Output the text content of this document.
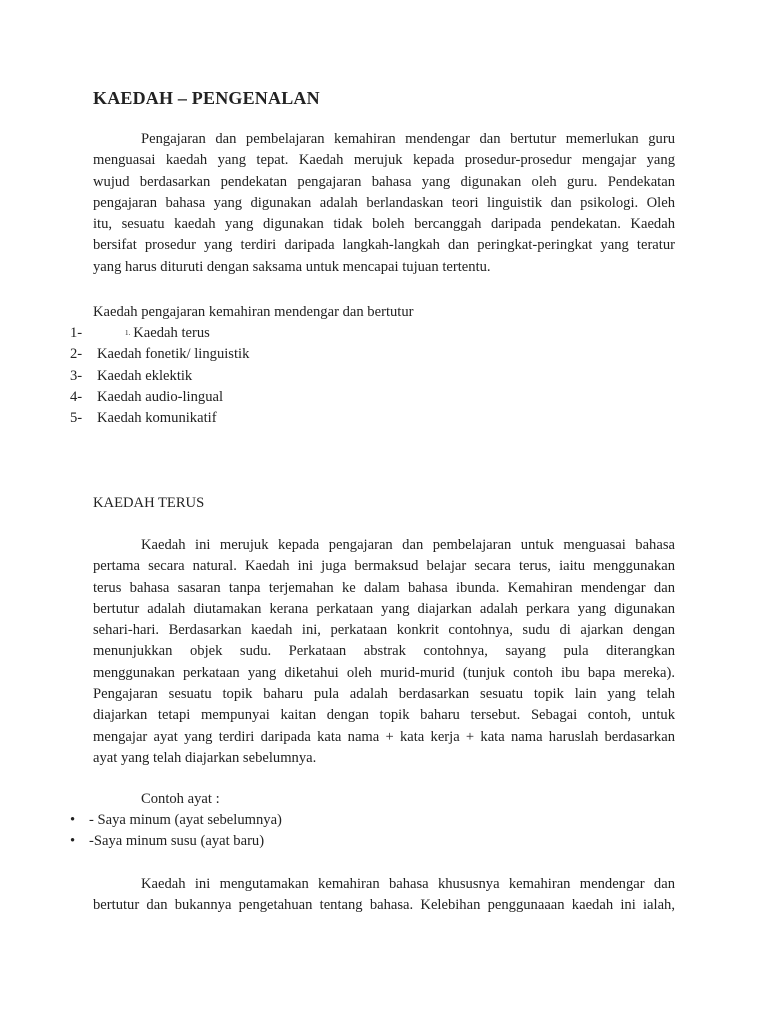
KAEDAH – PENGENALAN
Pengajaran dan pembelajaran kemahiran mendengar dan bertutur memerlukan guru
menguasai kaedah yang tepat. Kaedah merujuk kepada prosedur-prosedur mengajar yang
wujud berdasarkan pendekatan pengajaran bahasa yang digunakan oleh guru. Pendekatan
pengajaran bahasa yang digunakan adalah berlandaskan teori linguistik dan psikologi. Oleh
itu, sesuatu kaedah yang digunakan tidak boleh bercanggah daripada pendekatan. Kaedah
bersifat prosedur yang terdiri daripada langkah-langkah dan peringkat-peringkat yang teratur
yang harus dituruti dengan saksama untuk mencapai tujuan tertentu.
Kaedah pengajaran kemahiran mendengar dan bertutur
1-	1. Kaedah terus
2- Kaedah fonetik/ linguistik
3- Kaedah eklektik
4- Kaedah audio-lingual
5- Kaedah komunikatif
KAEDAH TERUS
Kaedah ini merujuk kepada pengajaran dan pembelajaran untuk menguasai bahasa
pertama secara natural. Kaedah ini juga bermaksud belajar secara terus, iaitu menggunakan
terus bahasa sasaran tanpa terjemahan ke dalam bahasa ibunda. Kemahiran mendengar dan
bertutur adalah diutamakan kerana perkataan yang diajarkan adalah perkara yang digunakan
sehari-hari. Berdasarkan kaedah ini, perkataan konkrit contohnya, sudu di ajarkan dengan
menunjukkan objek sudu. Perkataan abstrak contohnya, sayang pula diterangkan
menggunakan perkataan yang diketahui oleh murid-murid (tunjuk contoh ibu bapa mereka).
Pengajaran sesuatu topik baharu pula adalah berdasarkan sesuatu topik lain yang telah
diajarkan tetapi mempunyai kaitan dengan topik baharu tersebut. Sebagai contoh, untuk
mengajar ayat yang terdiri daripada kata nama + kata kerja + kata nama haruslah berdasarkan
ayat yang telah diajarkan sebelumnya.
Contoh ayat :
• - Saya minum (ayat sebelumnya)
• -Saya minum susu (ayat baru)
Kaedah ini mengutamakan kemahiran bahasa khususnya kemahiran mendengar dan
bertutur dan bukannya pengetahuan tentang bahasa. Kelebihan penggunaaan kaedah ini ialah,
